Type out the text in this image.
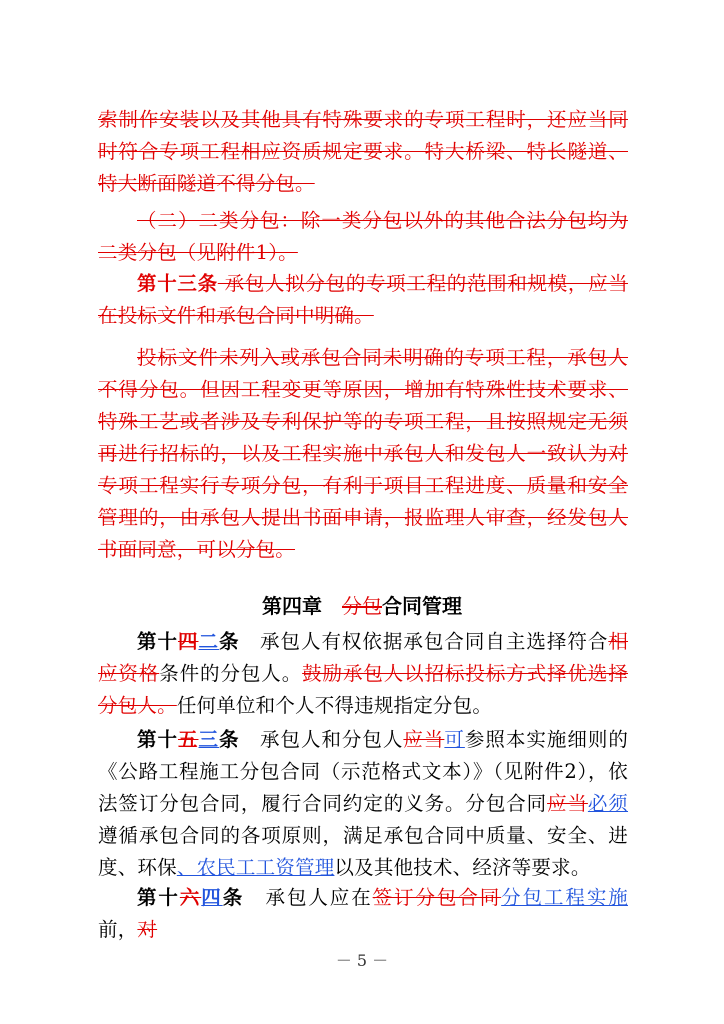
索制作安装以及其他具有特殊要求的专项工程时，还应当同时符合专项工程相应资质规定要求。特大桥梁、特长隧道、特大断面隧道不得分包。

（二）二类分包：除一类分包以外的其他合法分包均为二类分包（见附件1）。

第十三条 承包人拟分包的专项工程的范围和规模，应当在投标文件和承包合同中明确。

投标文件未列入或承包合同未明确的专项工程，承包人不得分包。但因工程变更等原因，增加有特殊性技术要求、特殊工艺或者涉及专利保护等的专项工程，且按照规定无须再进行招标的，以及工程实施中承包人和发包人一致认为对专项工程实行专项分包，有利于项目工程进度、质量和安全管理的，由承包人提出书面申请，报监理人审查，经发包人书面同意，可以分包。

第四章　分包合同管理

第十四二条　承包人有权依据承包合同自主选择符合相应资格条件的分包人。鼓励承包人以招标投标方式择优选择分包人。任何单位和个人不得违规指定分包。

第十五三条　承包人和分包人应当可参照本实施细则的《公路工程施工分包合同（示范格式文本）》（见附件2），依法签订分包合同，履行合同约定的义务。分包合同应当必须遵循承包合同的各项原则，满足承包合同中质量、安全、进度、环保、农民工工资管理以及其他技术、经济等要求。

第十六四条　承包人应在签订分包合同分包工程实施前，对

－ 5 －
